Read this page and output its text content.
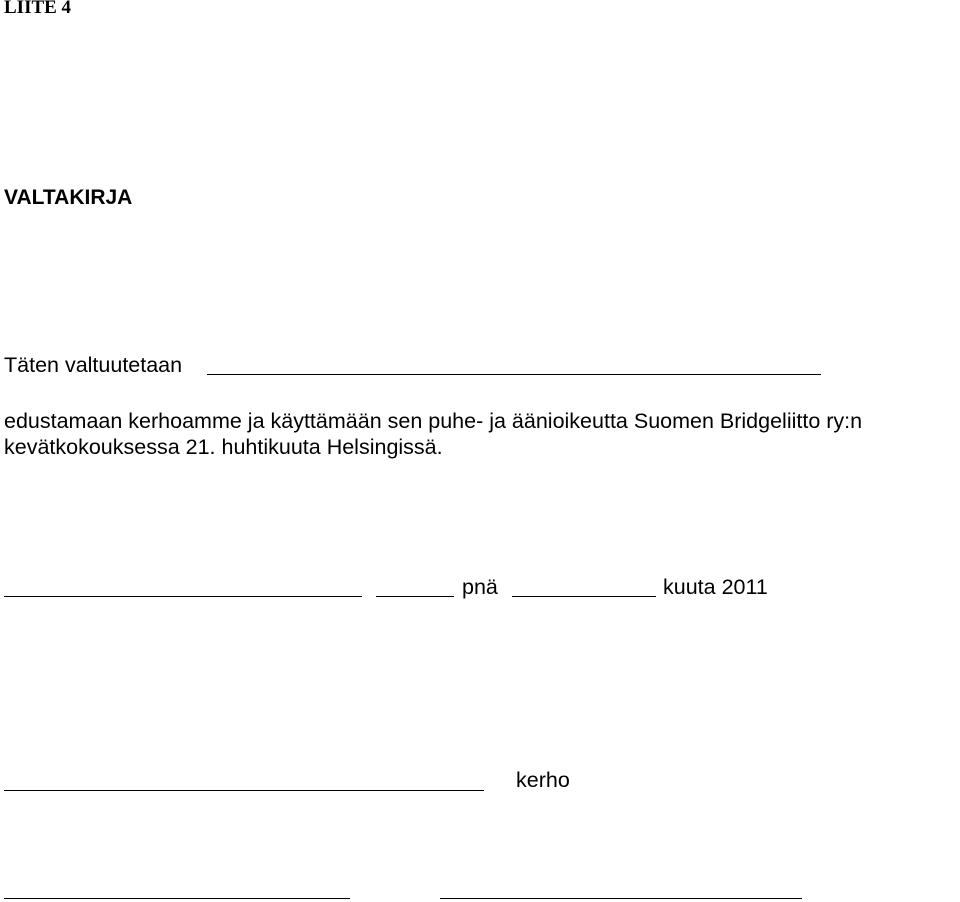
LIITE 4
VALTAKIRJA
Täten valtuutetaan
edustamaan kerhoamme ja käyttämään sen puhe- ja äänioikeutta Suomen Bridgeliitto ry:n
kevätkokouksessa 21. huhtikuuta Helsingissä.
pnä	kuuta 2011
kerho
